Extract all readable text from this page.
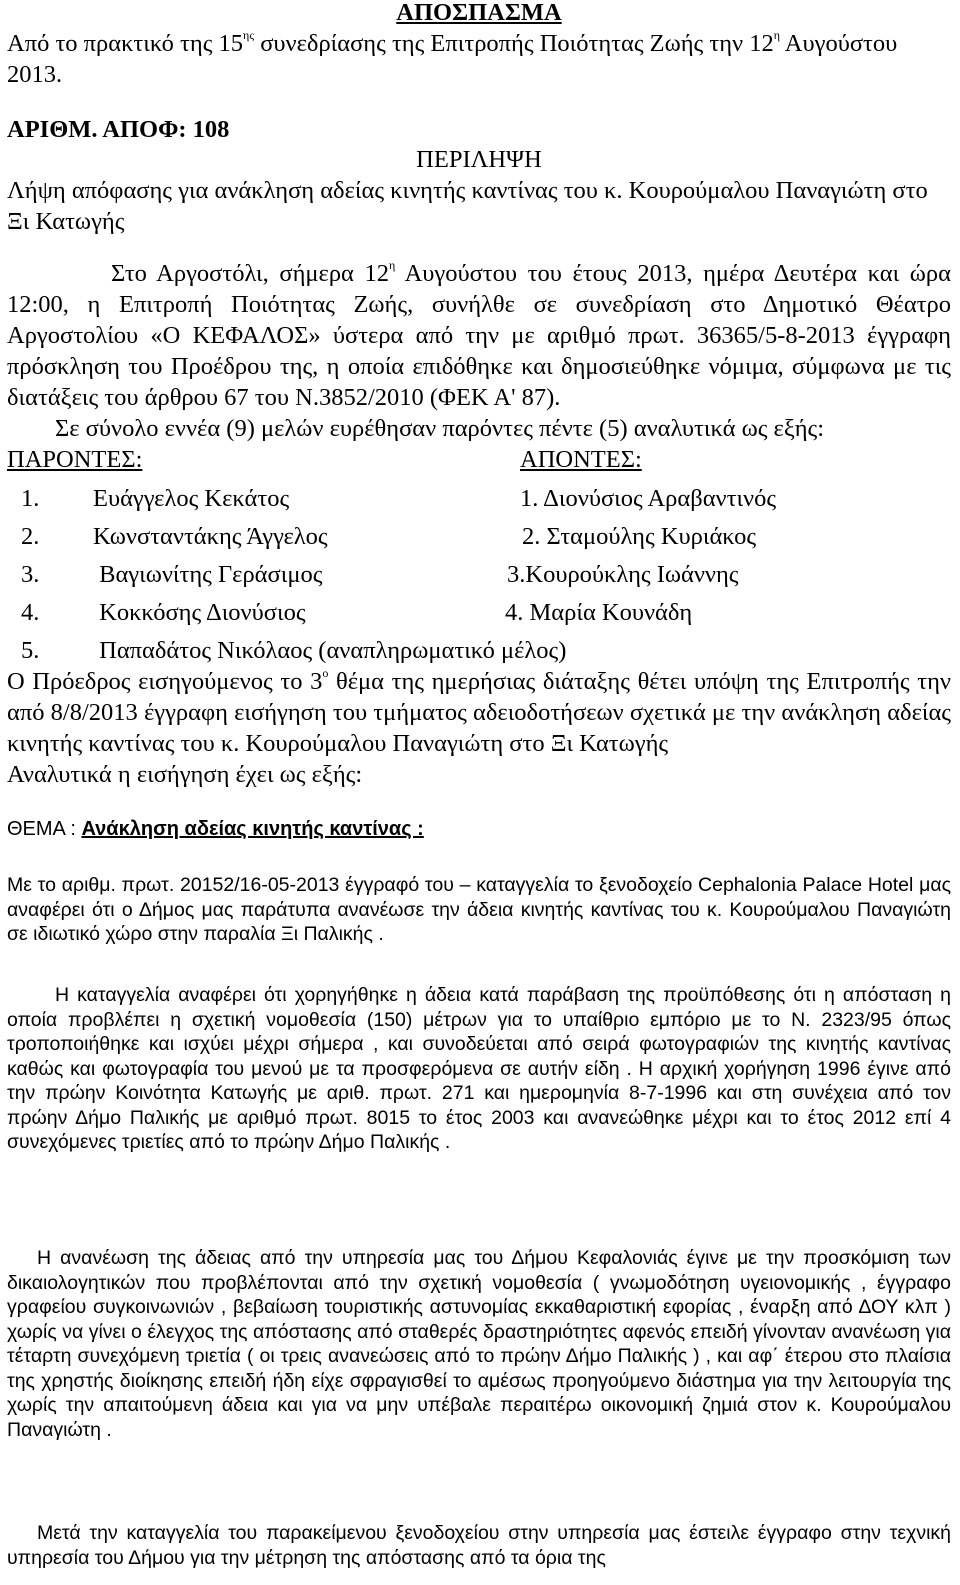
ΑΠΟΣΠΑΣΜΑ

Από το πρακτικό της $15^{\eta\varsigma}$ συνεδρίασης της Επιτροπής Ποιότητας Ζωής την $12^\eta$ Αυγούστου 2013.

ΑΡΙΘΜ. ΑΠΟΦ: 108
ΠΕΡΙΛΗΨΗ

Λήψη απόφασης για ανάκληση αδείας κινητής καντίνας του κ. Κουρούμαλου Παναγιώτη στο Ξι Κατωγής

Στο Αργοστόλι, σήμερα $12^\eta$ Αυγούστου του έτους 2013, ημέρα Δευτέρα και ώρα 12:00, η Επιτροπή Ποιότητας Ζωής, συνήλθε σε συνεδρίαση στο Δημοτικό Θέατρο Αργοστολίου «Ο ΚΕΦΑΛΟΣ» ύστερα από την με αριθμό πρωτ. 36365/5-8-2013 έγγραφη πρόσκληση του Προέδρου της, η οποία επιδόθηκε και δημοσιεύθηκε νόμιμα, σύμφωνα με τις διατάξεις του άρθρου 67 του Ν.3852/2010 (ΦΕΚ Α' 87).

Σε σύνολο εννέα (9) μελών ευρέθησαν παρόντες πέντε (5) αναλυτικά ως εξής:

ΠΑΡΟΝΤΕΣ:	ΑΠΟΝΤΕΣ:
1. Ευάγγελος Κεκάτος
2. Κωνσταντάκης Άγγελος
3. Βαγιωνίτης Γεράσιμος
4. Κοκκόσης Διονύσιος
5. Παπαδάτος Νικόλαος (αναπληρωματικό μέλος)
1. Διονύσιος Αραβαντινός
2. Σταμούλης Κυριάκος
3.Κουρούκλης Ιωάννης
4. Μαρία Κουνάδη

Ο Πρόεδρος εισηγούμενος το $3^o$ θέμα της ημερήσιας διάταξης θέτει υπόψη της Επιτροπής την από 8/8/2013 έγγραφη εισήγηση του τμήματος αδειοδοτήσεων σχετικά με την ανάκληση αδείας κινητής καντίνας του κ. Κουρούμαλου Παναγιώτη στο Ξι Κατωγής

Αναλυτικά η εισήγηση έχει ως εξής:

ΘΕΜΑ : Ανάκληση αδείας κινητής καντίνας :

Με το αριθμ. πρωτ. 20152/16-05-2013 έγγραφό του – καταγγελία το ξενοδοχείο Cephalonia Palace Hotel μας αναφέρει ότι ο Δήμος μας παράτυπα ανανέωσε την άδεια κινητής καντίνας του κ. Κουρούμαλου Παναγιώτη σε ιδιωτικό χώρο στην παραλία Ξι Παλικής .

Η καταγγελία αναφέρει ότι χορηγήθηκε η άδεια κατά παράβαση της προϋπόθεσης ότι η απόσταση η οποία προβλέπει η σχετική νομοθεσία (150) μέτρων για το υπαίθριο εμπόριο με το Ν. 2323/95 όπως τροποποιήθηκε και ισχύει μέχρι σήμερα , και συνοδεύεται από σειρά φωτογραφιών της κινητής καντίνας καθώς και φωτογραφία του μενού με τα προσφερόμενα σε αυτήν είδη . Η αρχική χορήγηση 1996 έγινε από την πρώην Κοινότητα Κατωγής με αριθ. πρωτ. 271 και ημερομηνία 8-7-1996 και στη συνέχεια από τον πρώην Δήμο Παλικής με αριθμό πρωτ. 8015 το έτος 2003 και ανανεώθηκε μέχρι και το έτος 2012 επί 4 συνεχόμενες τριετίες από το πρώην Δήμο Παλικής .

Η ανανέωση της άδειας από την υπηρεσία μας του Δήμου Κεφαλονιάς έγινε με την προσκόμιση των δικαιολογητικών που προβλέπονται από την σχετική νομοθεσία ( γνωμοδότηση υγειονομικής , έγγραφο γραφείου συγκοινωνιών , βεβαίωση τουριστικής αστυνομίας εκκαθαριστική εφορίας , έναρξη από ΔΟΥ κλπ ) χωρίς να γίνει ο έλεγχος της απόστασης από σταθερές δραστηριότητες αφενός επειδή γίνονταν ανανέωση για τέταρτη συνεχόμενη τριετία ( οι τρεις ανανεώσεις από το πρώην Δήμο Παλικής ) , και αφ΄ έτερου στο πλαίσια της χρηστής διοίκησης επειδή ήδη είχε σφραγισθεί το αμέσως προηγούμενο διάστημα για την λειτουργία της χωρίς την απαιτούμενη άδεια και για να μην υπέβαλε περαιτέρω οικονομική ζημιά στον κ. Κουρούμαλου Παναγιώτη .

Μετά την καταγγελία του παρακείμενου ξενοδοχείου στην υπηρεσία μας έστειλε έγγραφο στην τεχνική υπηρεσία του Δήμου για την μέτρηση της απόστασης από τα όρια της
